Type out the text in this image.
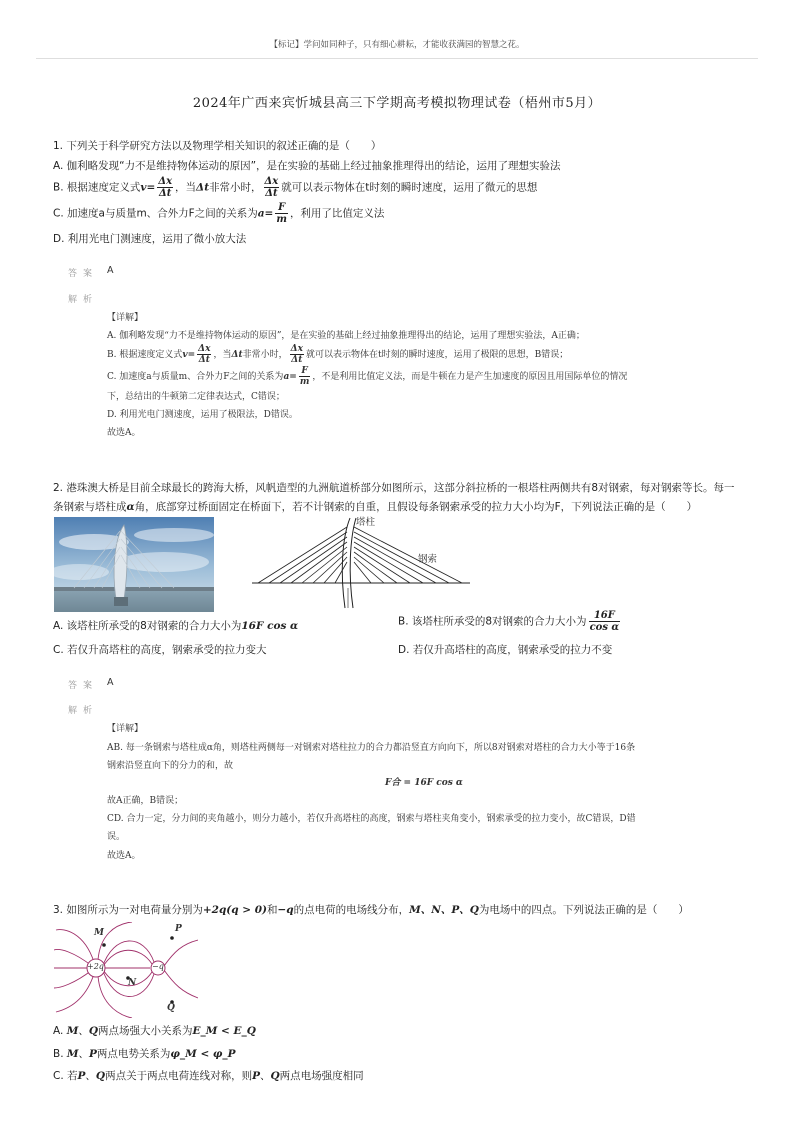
【标记】学问如同种子，只有细心耕耘，才能收获满园的智慧之花。
2024年广西来宾忻城县高三下学期高考模拟物理试卷（梧州市5月）
1. 下列关于科学研究方法以及物理学相关知识的叙述正确的是（　　）
A. 伽利略发现“力不是维持物体运动的原因”，是在实验的基础上经过抽象推理得出的结论，运用了理想实验法
B. 根据速度定义式$v= \frac{\Delta x}{\Delta t}$ ，当Δt非常小时， $\frac{\Delta x}{\Delta t}$ 就可以表示物体在t时刻的瞬时速度，运用了微元的思想
C. 加速度a与质量m、合外力F之间的关系为$a= \frac{F}{m}$ ，利用了比值定义法
D. 利用光电门测速度，运用了微小放大法
答案 A
解析
【详解】
A. 伽利略发现“力不是维持物体运动的原因”，是在实验的基础上经过抽象推理得出的结论，运用了理想实验法，A正确；
B. 根据速度定义式$v= \frac{\Delta x}{\Delta t}$ ，当Δt非常小时， $\frac{\Delta x}{\Delta t}$ 就可以表示物体在t时刻的瞬时速度，运用了极限的思想，B错误；
C. 加速度a与质量m、合外力F之间的关系为$a= \frac{F}{m}$ ，不是利用比值定义法，而是牛顿在力是产生加速度的原因且用国际单位的情况
下，总结出的牛顿第二定律表达式，C错误；
D. 利用光电门测速度，运用了极限法，D错误。
故选A。
2. 港珠澳大桥是目前全球最长的跨海大桥，风帆造型的九洲航道桥部分如图所示，这部分斜拉桥的一根塔柱两侧共有8对钢索，每对钢索等长。每一
条钢索与塔柱成α角，底部穿过桥面固定在桥面下，若不计钢索的自重，且假设每条钢索承受的拉力大小均为F，下列说法正确的是（　　）
塔柱
钢索
A. 该塔柱所承受的8对钢索的合力大小为16F cos α	B. 该塔柱所承受的8对钢索的合力大小为 $\frac{16F}{\text{cos α}}$
C. 若仅升高塔柱的高度，钢索承受的拉力变大	D. 若仅升高塔柱的高度，钢索承受的拉力不变
答案 A
解析
【详解】
AB. 每一条钢索与塔柱成α角，则塔柱两侧每一对钢索对塔柱拉力的合力都沿竖直方向向下，所以8对钢索对塔柱的合力大小等于16条
钢索沿竖直向下的分力的和，故
F合 = 16F cos α
故A正确，B错误；
CD. 合力一定，分力间的夹角越小，则分力越小，若仅升高塔柱的高度，钢索与塔柱夹角变小，钢索承受的拉力变小，故C错误，D错
误。
故选A。
3. 如图所示为一对电荷量分别为+2q(q > 0)和−q的点电荷的电场线分布，M、N、P、Q为电场中的四点。下列说法正确的是（　　）
M	P
N
Q
+2q	−q
A. M、Q两点场强大小关系为E_M < E_Q
B. M、P两点电势关系为φ_M < φ_P
C. 若P、Q两点关于两点电荷连线对称，则P、Q两点电场强度相同
